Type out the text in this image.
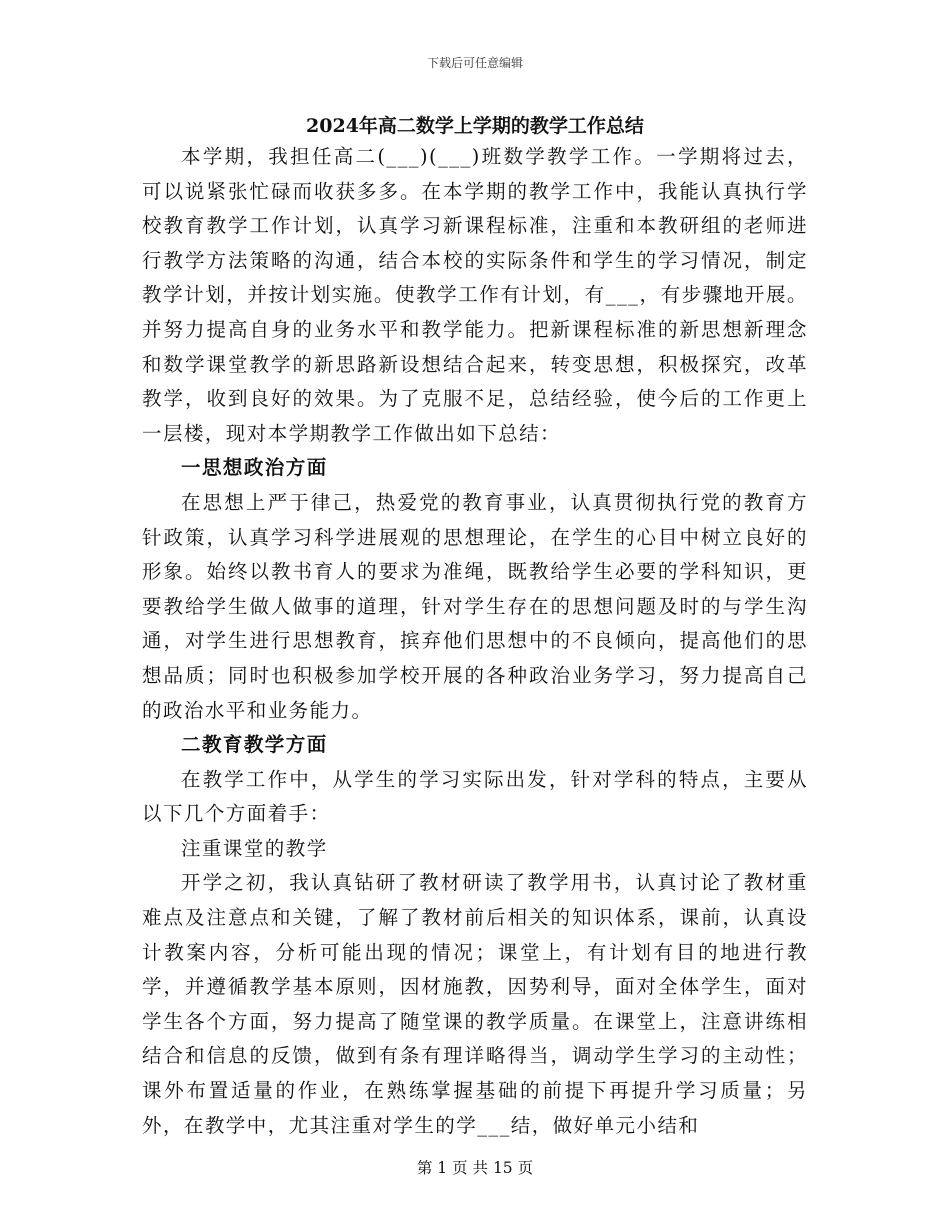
下载后可任意编辑
2024年高二数学上学期的教学工作总结

本学期，我担任高二(___)(___)班数学教学工作。一学期将过去，可以说紧张忙碌而收获多多。在本学期的教学工作中，我能认真执行学校教育教学工作计划，认真学习新课程标准，注重和本教研组的老师进行教学方法策略的沟通，结合本校的实际条件和学生的学习情况，制定教学计划，并按计划实施。使教学工作有计划，有___，有步骤地开展。并努力提高自身的业务水平和教学能力。把新课程标准的新思想新理念和数学课堂教学的新思路新设想结合起来，转变思想，积极探究，改革教学，收到良好的效果。为了克服不足，总结经验，使今后的工作更上一层楼，现对本学期教学工作做出如下总结：

一思想政治方面

在思想上严于律己，热爱党的教育事业，认真贯彻执行党的教育方针政策，认真学习科学进展观的思想理论，在学生的心目中树立良好的形象。始终以教书育人的要求为准绳，既教给学生必要的学科知识，更要教给学生做人做事的道理，针对学生存在的思想问题及时的与学生沟通，对学生进行思想教育，摈弃他们思想中的不良倾向，提高他们的思想品质；同时也积极参加学校开展的各种政治业务学习，努力提高自己的政治水平和业务能力。

二教育教学方面

在教学工作中，从学生的学习实际出发，针对学科的特点，主要从以下几个方面着手：

注重课堂的教学

开学之初，我认真钻研了教材研读了教学用书，认真讨论了教材重难点及注意点和关键，了解了教材前后相关的知识体系，课前，认真设计教案内容，分析可能出现的情况；课堂上，有计划有目的地进行教学，并遵循教学基本原则，因材施教，因势利导，面对全体学生，面对学生各个方面，努力提高了随堂课的教学质量。在课堂上，注意讲练相结合和信息的反馈，做到有条有理详略得当，调动学生学习的主动性；课外布置适量的作业，在熟练掌握基础的前提下再提升学习质量；另外，在教学中，尤其注重对学生的学___结，做好单元小结和

第 1 页 共 15 页
